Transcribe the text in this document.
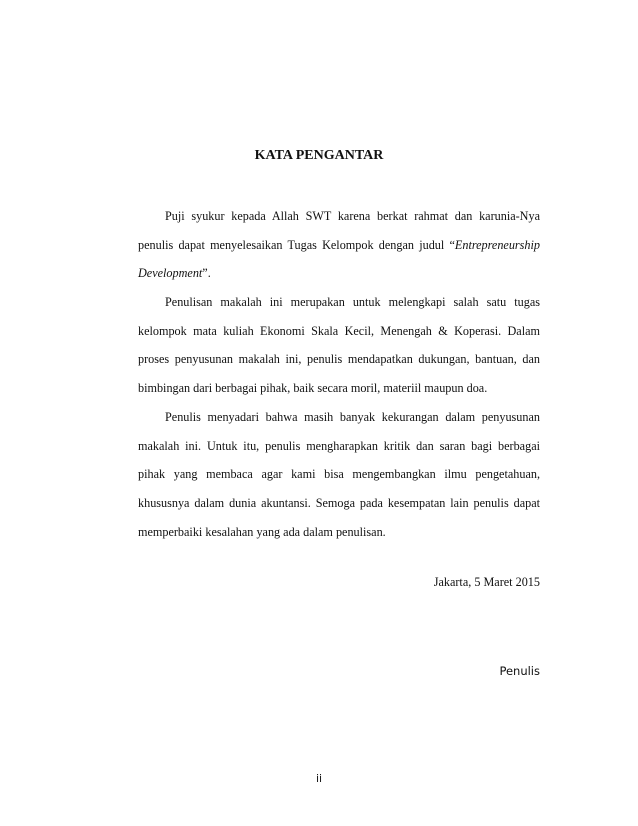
KATA PENGANTAR

Puji syukur kepada Allah SWT karena berkat rahmat dan karunia-Nya penulis dapat menyelesaikan Tugas Kelompok dengan judul “Entrepreneurship Development”.

Penulisan makalah ini merupakan untuk melengkapi salah satu tugas kelompok mata kuliah Ekonomi Skala Kecil, Menengah & Koperasi. Dalam proses penyusunan makalah ini, penulis mendapatkan dukungan, bantuan, dan bimbingan dari berbagai pihak, baik secara moril, materiil maupun doa.

Penulis menyadari bahwa masih banyak kekurangan dalam penyusunan makalah ini. Untuk itu, penulis mengharapkan kritik dan saran bagi berbagai pihak yang membaca agar kami bisa mengembangkan ilmu pengetahuan, khususnya dalam dunia akuntansi. Semoga pada kesempatan lain penulis dapat memperbaiki kesalahan yang ada dalam penulisan.

Jakarta, 5 Maret 2015
Penulis
ii
